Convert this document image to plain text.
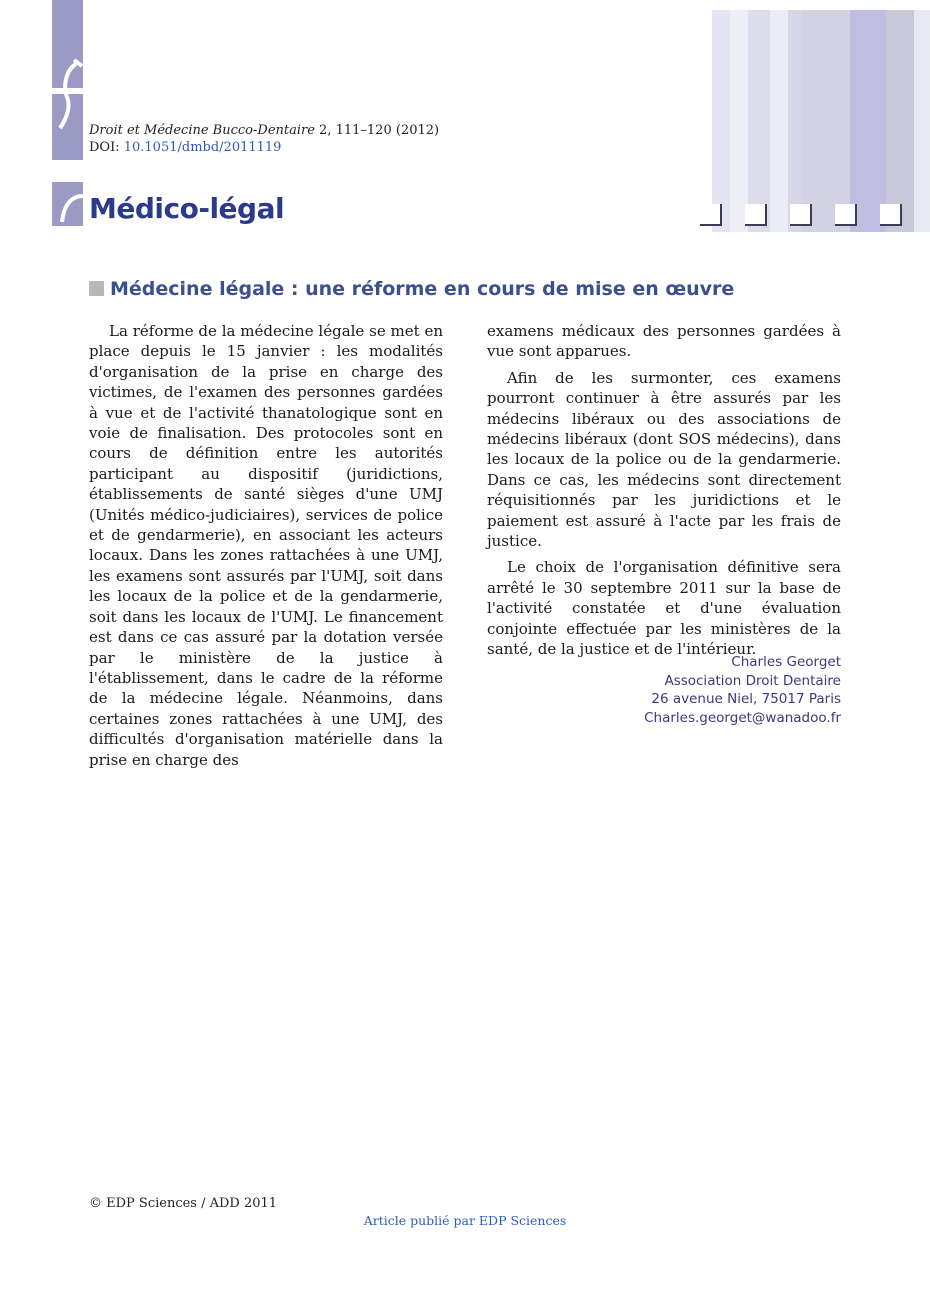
Droit et Médecine Bucco-Dentaire 2, 111–120 (2012)
DOI: 10.1051/dmbd/2011119
Médico-légal
Médecine légale : une réforme en cours de mise en œuvre

La réforme de la médecine légale se met en place depuis le 15 janvier : les modalités d'organisation de la prise en charge des victimes, de l'examen des personnes gardées à vue et de l'activité thanatologique sont en voie de finalisation. Des protocoles sont en cours de définition entre les autorités participant au dispositif (juridictions, établissements de santé sièges d'une UMJ (Unités médico-judiciaires), services de police et de gendarmerie), en associant les acteurs locaux. Dans les zones rattachées à une UMJ, les examens sont assurés par l'UMJ, soit dans les locaux de la police et de la gendarmerie, soit dans les locaux de l'UMJ. Le financement est dans ce cas assuré par la dotation versée par le ministère de la justice à l'établissement, dans le cadre de la réforme de la médecine légale. Néanmoins, dans certaines zones rattachées à une UMJ, des difficultés d'organisation matérielle dans la prise en charge des

examens médicaux des personnes gardées à vue sont apparues.

Afin de les surmonter, ces examens pourront continuer à être assurés par les médecins libéraux ou des associations de médecins libéraux (dont SOS médecins), dans les locaux de la police ou de la gendarmerie. Dans ce cas, les médecins sont directement réquisitionnés par les juridictions et le paiement est assuré à l'acte par les frais de justice.

Le choix de l'organisation définitive sera arrêté le 30 septembre 2011 sur la base de l'activité constatée et d'une évaluation conjointe effectuée par les ministères de la santé, de la justice et de l'intérieur.

Charles Georget
Association Droit Dentaire
26 avenue Niel, 75017 Paris
Charles.georget@wanadoo.fr
© EDP Sciences / ADD 2011
Article publié par EDP Sciences
